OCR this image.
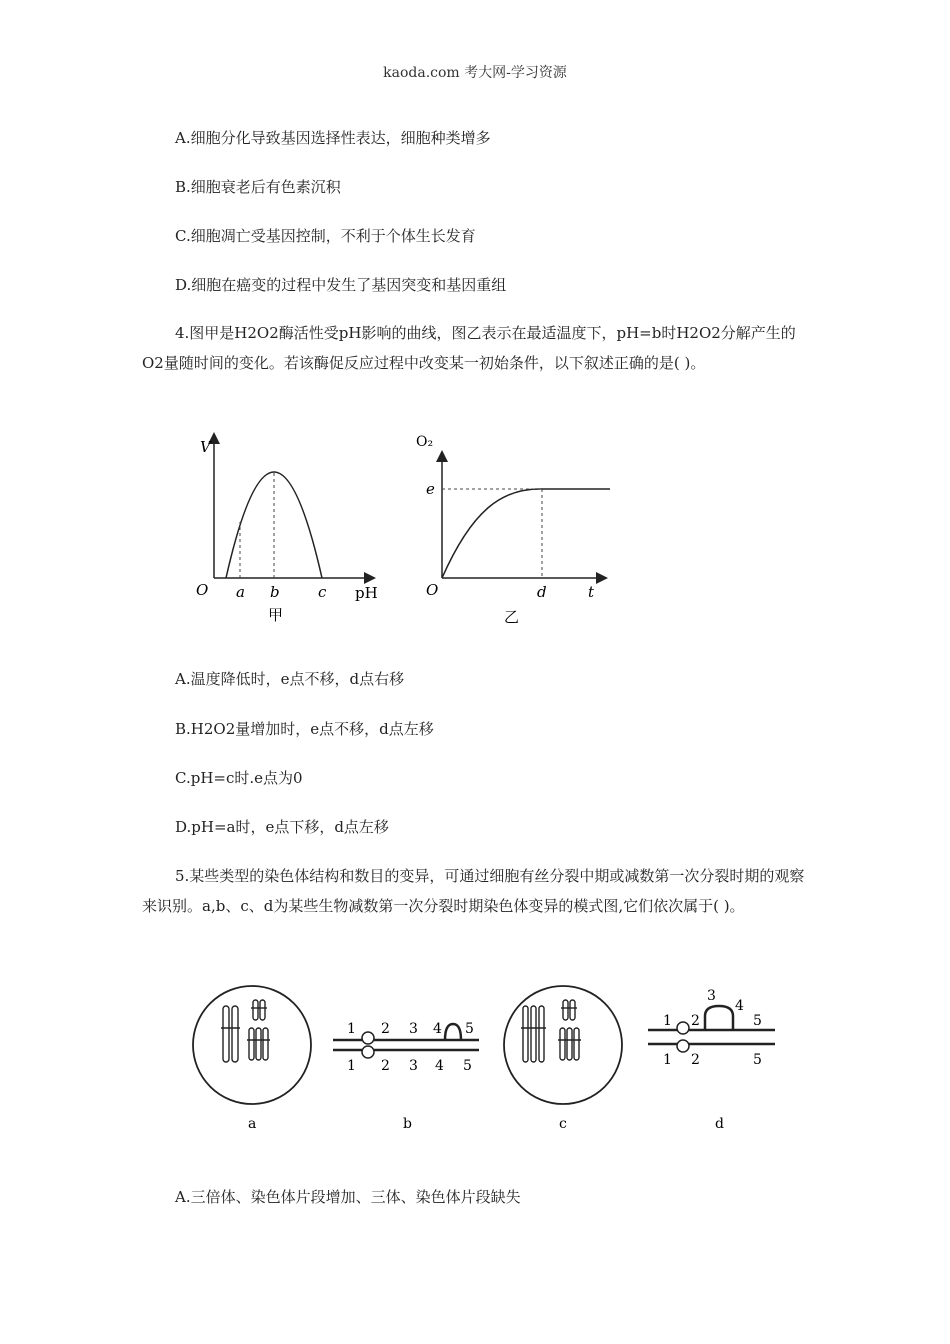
kaoda.com 考大网-学习资源
A.细胞分化导致基因选择性表达，细胞种类增多
B.细胞衰老后有色素沉积
C.细胞凋亡受基因控制，不利于个体生长发育
D.细胞在癌变的过程中发生了基因突变和基因重组
4.图甲是H2O2酶活性受pH影响的曲线，图乙表示在最适温度下，pH=b时H2O2分解产生的O2量随时间的变化。若该酶促反应过程中改变某一初始条件，以下叙述正确的是( )。
V
O a b	c pH
甲
O₂
e
O	d	t
乙
A.温度降低时，e点不移，d点右移
B.H2O2量增加时，e点不移，d点左移
C.pH=c时.e点为0
D.pH=a时，e点下移，d点左移
5.某些类型的染色体结构和数目的变异，可通过细胞有丝分裂中期或减数第一次分裂时期的观察来识别。a,b、c、d为某些生物减数第一次分裂时期染色体变异的模式图,它们依次属于( )。
1 2 3 4 5
1 2 3 4 5
1 2
3
4
5
1 2	5
a	b	c	d
A.三倍体、染色体片段增加、三体、染色体片段缺失
